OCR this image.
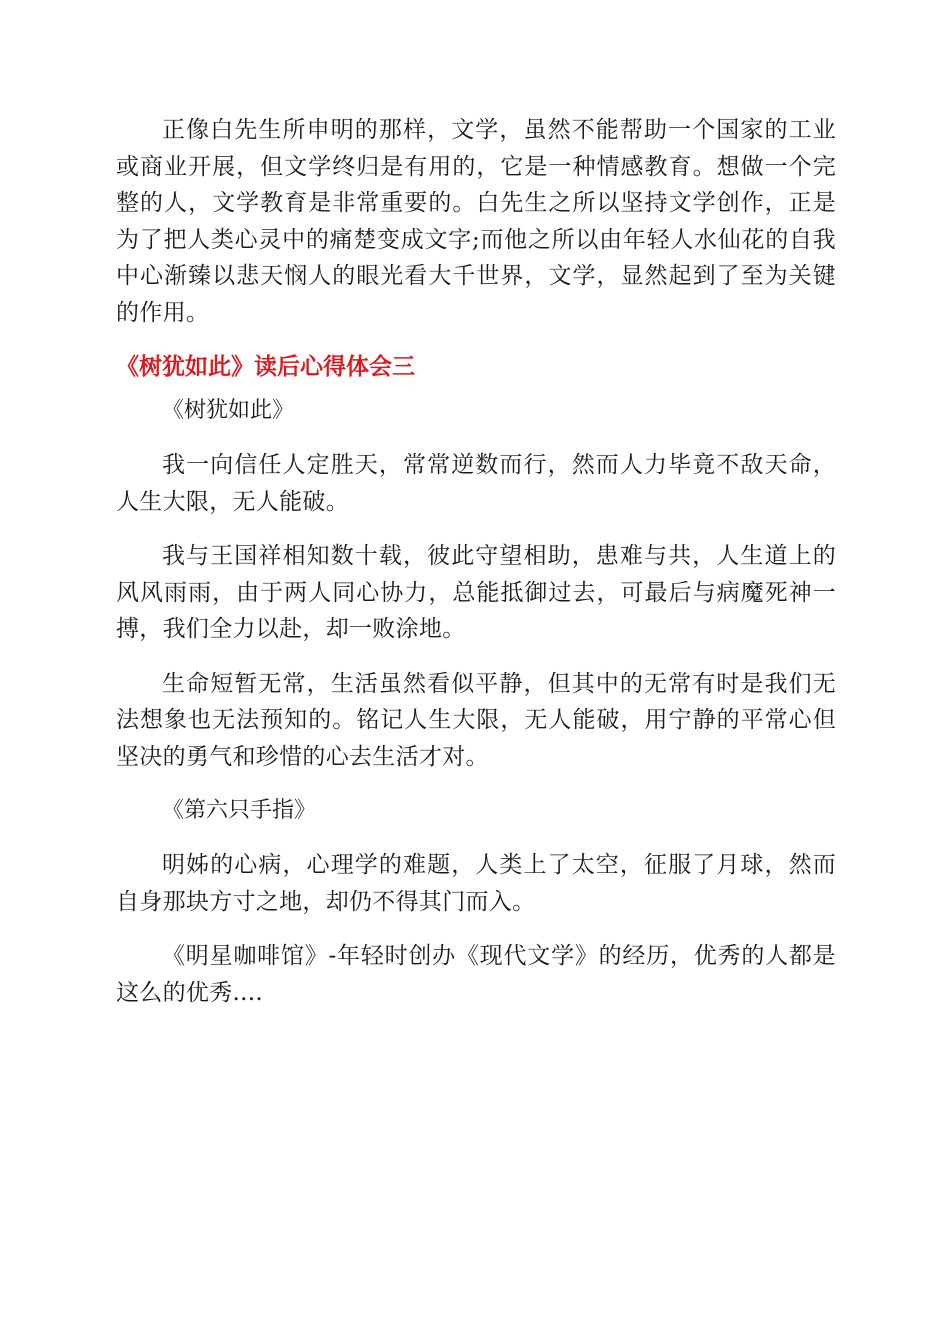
正像白先生所申明的那样，文学，虽然不能帮助一个国家的工业或商业开展，但文学终归是有用的，它是一种情感教育。想做一个完整的人，文学教育是非常重要的。白先生之所以坚持文学创作，正是为了把人类心灵中的痛楚变成文字;而他之所以由年轻人水仙花的自我中心渐臻以悲天悯人的眼光看大千世界，文学，显然起到了至为关键的作用。

《树犹如此》读后心得体会三
《树犹如此》

我一向信任人定胜天，常常逆数而行，然而人力毕竟不敌天命，人生大限，无人能破。

我与王国祥相知数十载，彼此守望相助，患难与共，人生道上的风风雨雨，由于两人同心协力，总能抵御过去，可最后与病魔死神一搏，我们全力以赴，却一败涂地。

生命短暂无常，生活虽然看似平静，但其中的无常有时是我们无法想象也无法预知的。铭记人生大限，无人能破，用宁静的平常心但坚决的勇气和珍惜的心去生活才对。

《第六只手指》

明姊的心病，心理学的难题，人类上了太空，征服了月球，然而自身那块方寸之地，却仍不得其门而入。

《明星咖啡馆》-年轻时创办《现代文学》的经历，优秀的人都是这么的优秀....
